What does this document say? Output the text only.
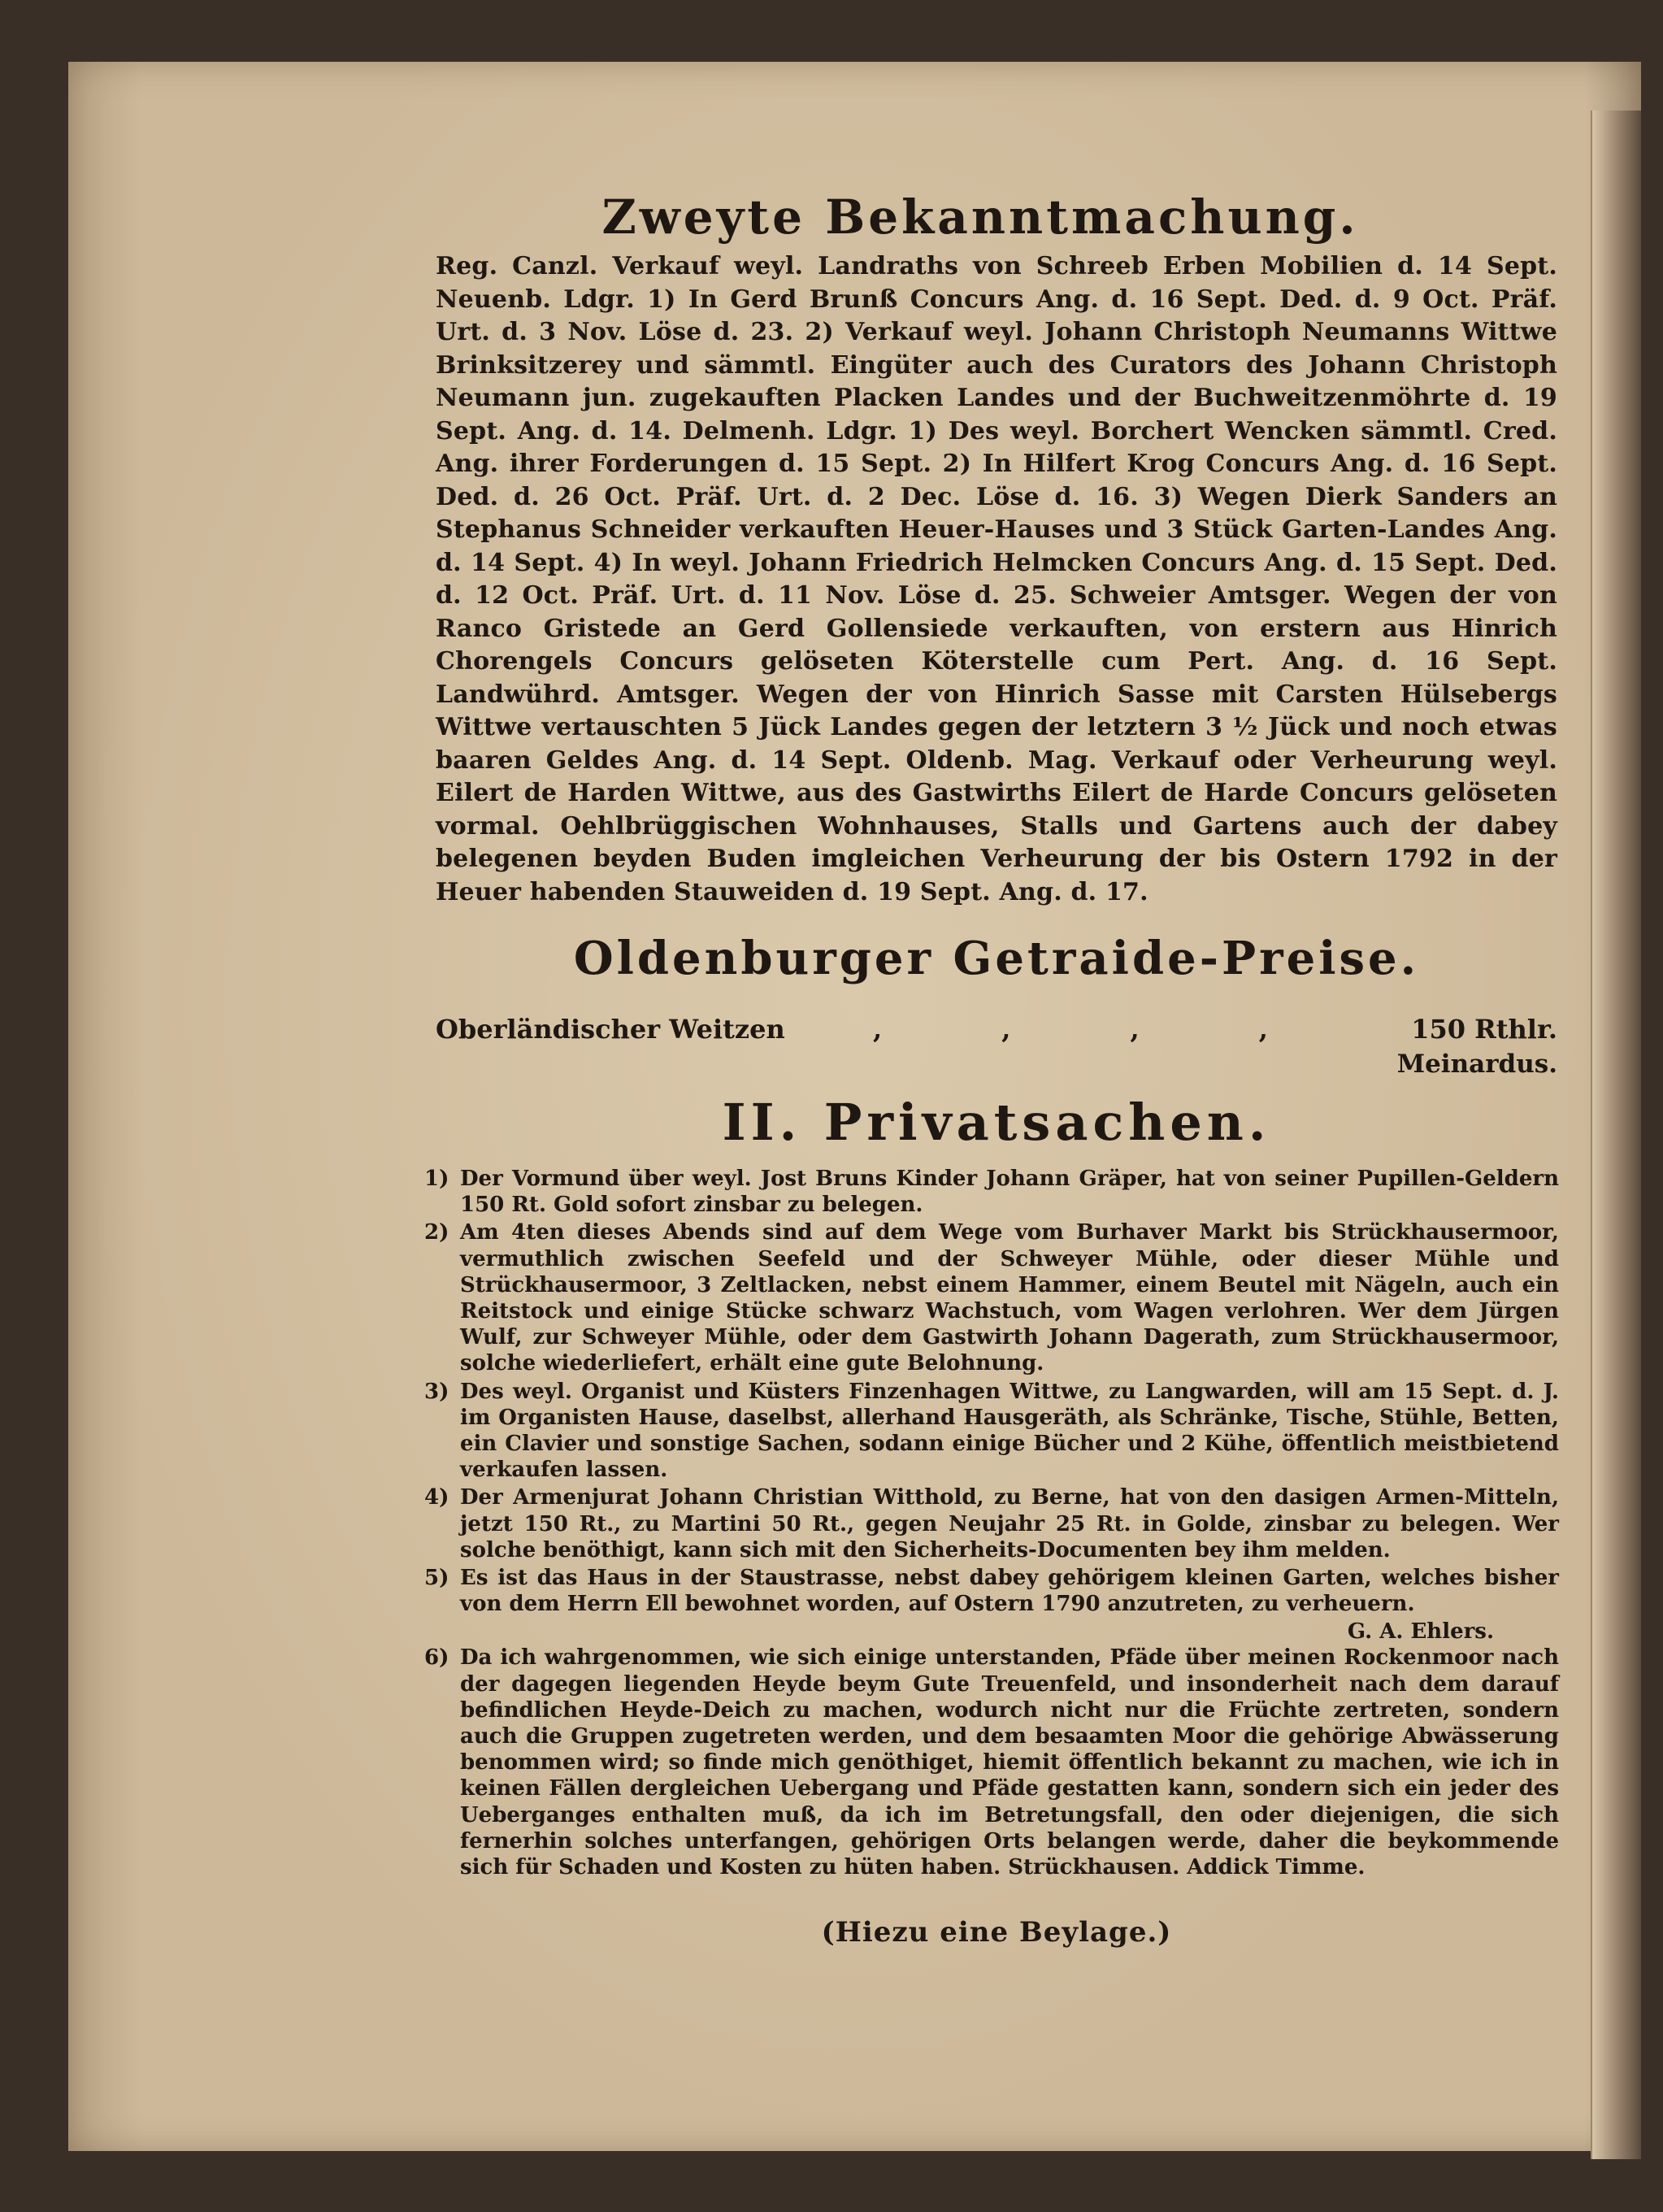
Zweyte Bekanntmachung.

Reg. Canzl. Verkauf weyl. Landraths von Schreeb Erben Mobilien d. 14 Sept. Neuenb. Ldgr. 1) In Gerd Brunß Concurs Ang. d. 16 Sept. Ded. d. 9 Oct. Präf. Urt. d. 3 Nov. Löse d. 23. 2) Verkauf weyl. Johann Christoph Neumanns Wittwe Brinksitzerey und sämmtl. Eingüter auch des Curators des Johann Christoph Neumann jun. zugekauften Placken Landes und der Buchweitzenmöhrte d. 19 Sept. Ang. d. 14. Delmenh. Ldgr. 1) Des weyl. Borchert Wencken sämmtl. Cred. Ang. ihrer Forderungen d. 15 Sept. 2) In Hilfert Krog Concurs Ang. d. 16 Sept. Ded. d. 26 Oct. Präf. Urt. d. 2 Dec. Löse d. 16. 3) Wegen Dierk Sanders an Stephanus Schneider verkauften Heuer-Hauses und 3 Stück Garten-Landes Ang. d. 14 Sept. 4) In weyl. Johann Friedrich Helmcken Concurs Ang. d. 15 Sept. Ded. d. 12 Oct. Präf. Urt. d. 11 Nov. Löse d. 25. Schweier Amtsger. Wegen der von Ranco Gristede an Gerd Gollensiede verkauften, von erstern aus Hinrich Chorengels Concurs gelöseten Köterstelle cum Pert. Ang. d. 16 Sept. Landwührd. Amtsger. Wegen der von Hinrich Sasse mit Carsten Hülsebergs Wittwe vertauschten 5 Jück Landes gegen der letztern 3 ½ Jück und noch etwas baaren Geldes Ang. d. 14 Sept. Oldenb. Mag. Verkauf oder Verheurung weyl. Eilert de Harden Wittwe, aus des Gastwirths Eilert de Harde Concurs gelöseten vormal. Oehlbrüggischen Wohnhauses, Stalls und Gartens auch der dabey belegenen beyden Buden imgleichen Verheurung der bis Ostern 1792 in der Heuer habenden Stauweiden d. 19 Sept. Ang. d. 17.

Oldenburger Getraide-Preise.
Oberländischer Weitzen	, , , ,	150 Rthlr.
Meinardus.
II. Privatsachen.
1) Der Vormund über weyl. Jost Bruns Kinder Johann Gräper, hat von seiner Pupillen-Geldern 150 Rt. Gold sofort zinsbar zu belegen.
2) Am 4ten dieses Abends sind auf dem Wege vom Burhaver Markt bis Strückhausermoor, vermuthlich zwischen Seefeld und der Schweyer Mühle, oder dieser Mühle und Strückhausermoor, 3 Zeltlacken, nebst einem Hammer, einem Beutel mit Nägeln, auch ein Reitstock und einige Stücke schwarz Wachstuch, vom Wagen verlohren. Wer dem Jürgen Wulf, zur Schweyer Mühle, oder dem Gastwirth Johann Dagerath, zum Strückhausermoor, solche wiederliefert, erhält eine gute Belohnung.
3) Des weyl. Organist und Küsters Finzenhagen Wittwe, zu Langwarden, will am 15 Sept. d. J. im Organisten Hause, daselbst, allerhand Hausgeräth, als Schränke, Tische, Stühle, Betten, ein Clavier und sonstige Sachen, sodann einige Bücher und 2 Kühe, öffentlich meistbietend verkaufen lassen.
4) Der Armenjurat Johann Christian Witthold, zu Berne, hat von den dasigen Armen-Mitteln, jetzt 150 Rt., zu Martini 50 Rt., gegen Neujahr 25 Rt. in Golde, zinsbar zu belegen. Wer solche benöthigt, kann sich mit den Sicherheits-Documenten bey ihm melden.
5) Es ist das Haus in der Staustrasse, nebst dabey gehörigem kleinen Garten, welches bisher von dem Herrn Ell bewohnet worden, auf Ostern 1790 anzutreten, zu verheuern.
G. A. Ehlers.
6) Da ich wahrgenommen, wie sich einige unterstanden, Pfäde über meinen Rockenmoor nach der dagegen liegenden Heyde beym Gute Treuenfeld, und insonderheit nach dem darauf befindlichen Heyde-Deich zu machen, wodurch nicht nur die Früchte zertreten, sondern auch die Gruppen zugetreten werden, und dem besaamten Moor die gehörige Abwässerung benommen wird; so finde mich genöthiget, hiemit öffentlich bekannt zu machen, wie ich in keinen Fällen dergleichen Uebergang und Pfäde gestatten kann, sondern sich ein jeder des Ueberganges enthalten muß, da ich im Betretungsfall, den oder diejenigen, die sich fernerhin solches unterfangen, gehörigen Orts belangen werde, daher die beykommende sich für Schaden und Kosten zu hüten haben. Strückhausen. Addick Timme.
(Hiezu eine Beylage.)
